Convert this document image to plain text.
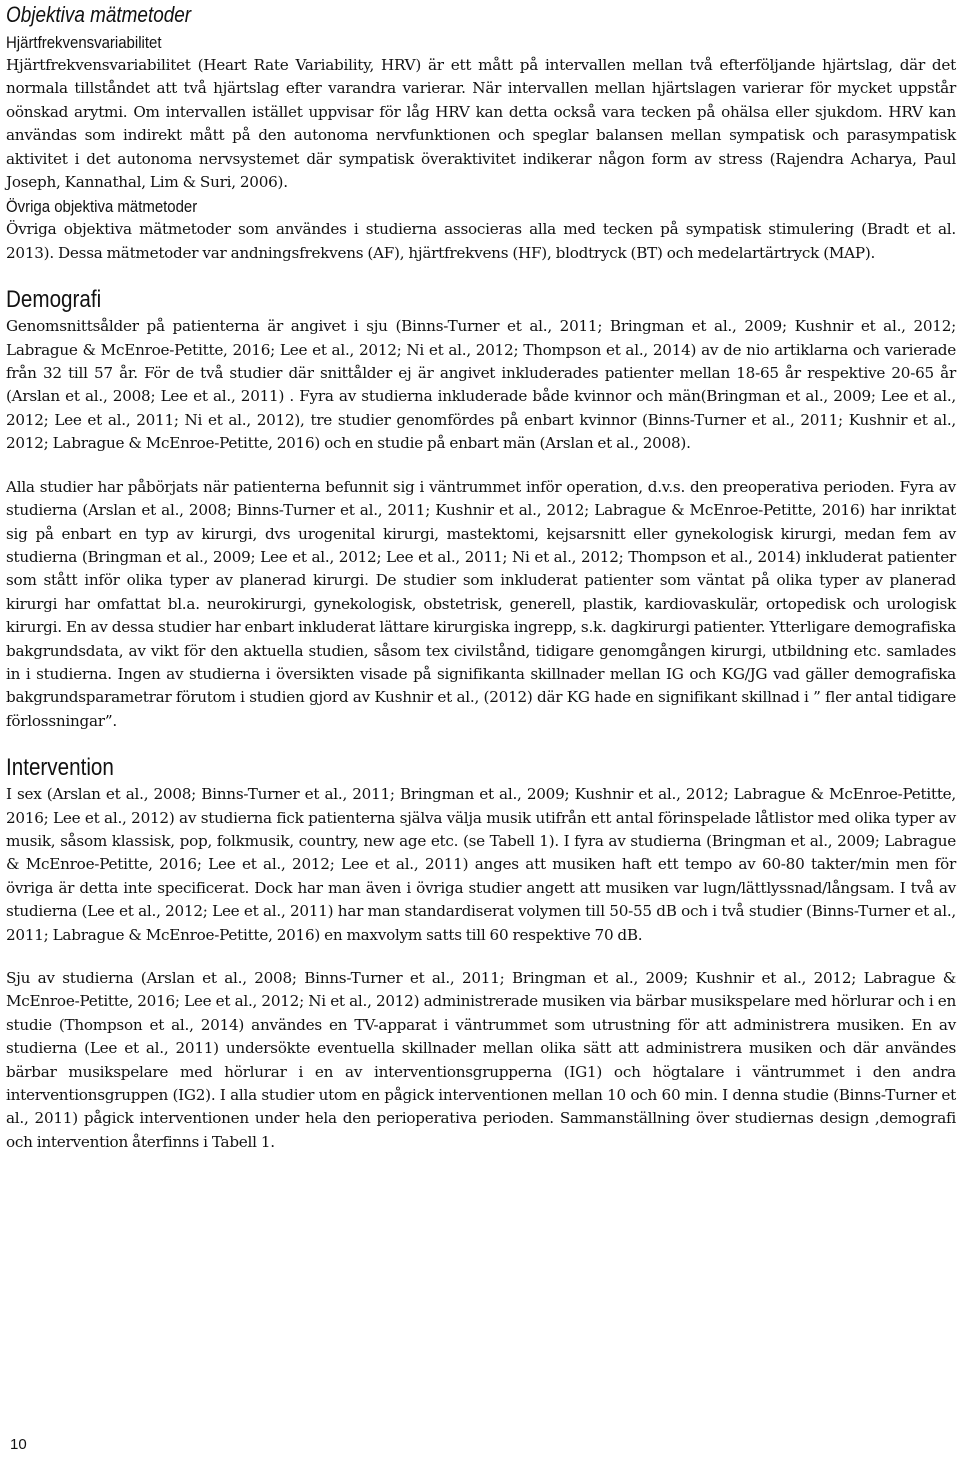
Objektiva mätmetoder
Hjärtfrekvensvariabilitet

Hjärtfrekvensvariabilitet (Heart Rate Variability, HRV) är ett mått på intervallen mellan två efterföljande hjärtslag, där det normala tillståndet att två hjärtslag efter varandra varierar. När intervallen mellan hjärtslagen varierar för mycket uppstår oönskad arytmi. Om intervallen istället uppvisar för låg HRV kan detta också vara tecken på ohälsa eller sjukdom. HRV kan användas som indirekt mått på den autonoma nervfunktionen och speglar balansen mellan sympatisk och parasympatisk aktivitet i det autonoma nervsystemet där sympatisk överaktivitet indikerar någon form av stress (Rajendra Acharya, Paul Joseph, Kannathal, Lim & Suri, 2006).

Övriga objektiva mätmetoder

Övriga objektiva mätmetoder som användes i studierna associeras alla med tecken på sympatisk stimulering (Bradt et al. 2013). Dessa mätmetoder var andningsfrekvens (AF), hjärtfrekvens (HF), blodtryck (BT) och medelartärtryck (MAP).

Demografi

Genomsnittsålder på patienterna är angivet i sju (Binns-Turner et al., 2011; Bringman et al., 2009; Kushnir et al., 2012; Labrague & McEnroe-Petitte, 2016; Lee et al., 2012; Ni et al., 2012; Thompson et al., 2014) av de nio artiklarna och varierade från 32 till 57 år. För de två studier där snittålder ej är angivet inkluderades patienter mellan 18-65 år respektive 20-65 år (Arslan et al., 2008; Lee et al., 2011) . Fyra av studierna inkluderade både kvinnor och män(Bringman et al., 2009; Lee et al., 2012; Lee et al., 2011; Ni et al., 2012), tre studier genomfördes på enbart kvinnor (Binns-Turner et al., 2011; Kushnir et al., 2012; Labrague & McEnroe-Petitte, 2016) och en studie på enbart män (Arslan et al., 2008).

Alla studier har påbörjats när patienterna befunnit sig i väntrummet inför operation, d.v.s. den preoperativa perioden. Fyra av studierna (Arslan et al., 2008; Binns-Turner et al., 2011; Kushnir et al., 2012; Labrague & McEnroe-Petitte, 2016) har inriktat sig på enbart en typ av kirurgi, dvs urogenital kirurgi, mastektomi, kejsarsnitt eller gynekologisk kirurgi, medan fem av studierna (Bringman et al., 2009; Lee et al., 2012; Lee et al., 2011; Ni et al., 2012; Thompson et al., 2014) inkluderat patienter som stått inför olika typer av planerad kirurgi. De studier som inkluderat patienter som väntat på olika typer av planerad kirurgi har omfattat bl.a. neurokirurgi, gynekologisk, obstetrisk, generell, plastik, kardiovaskulär, ortopedisk och urologisk kirurgi. En av dessa studier har enbart inkluderat lättare kirurgiska ingrepp, s.k. dagkirurgi patienter. Ytterligare demografiska bakgrundsdata, av vikt för den aktuella studien, såsom tex civilstånd, tidigare genomgången kirurgi, utbildning etc. samlades in i studierna. Ingen av studierna i översikten visade på signifikanta skillnader mellan IG och KG/JG vad gäller demografiska bakgrundsparametrar förutom i studien gjord av Kushnir et al., (2012) där KG hade en signifikant skillnad i ” fler antal tidigare förlossningar”.

Intervention

I sex (Arslan et al., 2008; Binns-Turner et al., 2011; Bringman et al., 2009; Kushnir et al., 2012; Labrague & McEnroe-Petitte, 2016; Lee et al., 2012) av studierna fick patienterna själva välja musik utifrån ett antal förinspelade låtlistor med olika typer av musik, såsom klassisk, pop, folkmusik, country, new age etc. (se Tabell 1). I fyra av studierna (Bringman et al., 2009; Labrague & McEnroe-Petitte, 2016; Lee et al., 2012; Lee et al., 2011) anges att musiken haft ett tempo av 60-80 takter/min men för övriga är detta inte specificerat. Dock har man även i övriga studier angett att musiken var lugn/lättlyssnad/långsam. I två av studierna (Lee et al., 2012; Lee et al., 2011) har man standardiserat volymen till 50-55 dB och i två studier (Binns-Turner et al., 2011; Labrague & McEnroe-Petitte, 2016) en maxvolym satts till 60 respektive 70 dB.

Sju av studierna (Arslan et al., 2008; Binns-Turner et al., 2011; Bringman et al., 2009; Kushnir et al., 2012; Labrague & McEnroe-Petitte, 2016; Lee et al., 2012; Ni et al., 2012) administrerade musiken via bärbar musikspelare med hörlurar och i en studie (Thompson et al., 2014) användes en TV-apparat i väntrummet som utrustning för att administrera musiken. En av studierna (Lee et al., 2011) undersökte eventuella skillnader mellan olika sätt att administrera musiken och där användes bärbar musikspelare med hörlurar i en av interventionsgrupperna (IG1) och högtalare i väntrummet i den andra interventionsgruppen (IG2). I alla studier utom en pågick interventionen mellan 10 och 60 min. I denna studie (Binns-Turner et al., 2011) pågick interventionen under hela den perioperativa perioden. Sammanställning över studiernas design ,demografi och intervention återfinns i Tabell 1.

10
